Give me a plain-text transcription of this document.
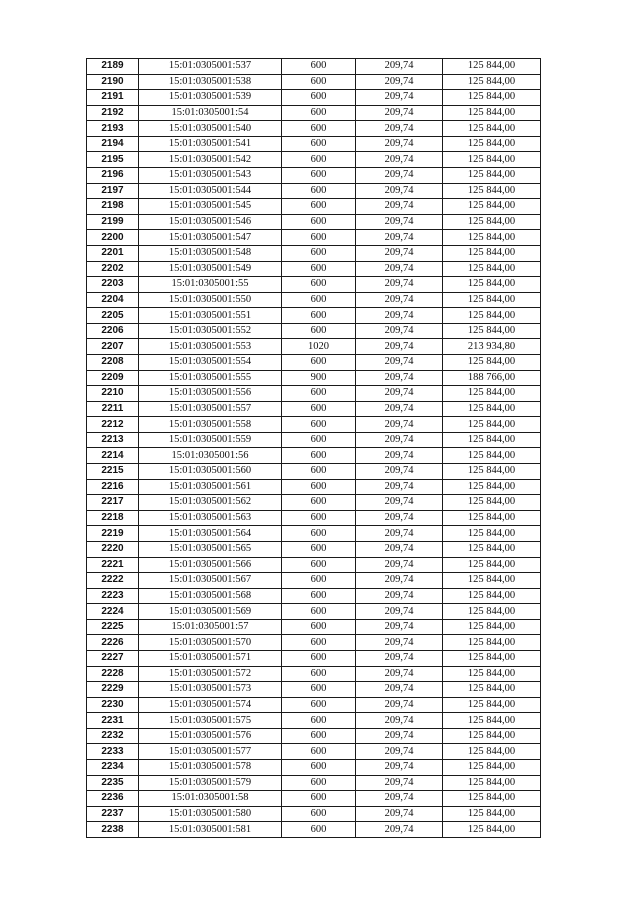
2189	15:01:0305001:537	600	209,74	125 844,00
2190	15:01:0305001:538	600	209,74	125 844,00
2191	15:01:0305001:539	600	209,74	125 844,00
2192	15:01:0305001:54	600	209,74	125 844,00
2193	15:01:0305001:540	600	209,74	125 844,00
2194	15:01:0305001:541	600	209,74	125 844,00
2195	15:01:0305001:542	600	209,74	125 844,00
2196	15:01:0305001:543	600	209,74	125 844,00
2197	15:01:0305001:544	600	209,74	125 844,00
2198	15:01:0305001:545	600	209,74	125 844,00
2199	15:01:0305001:546	600	209,74	125 844,00
2200	15:01:0305001:547	600	209,74	125 844,00
2201	15:01:0305001:548	600	209,74	125 844,00
2202	15:01:0305001:549	600	209,74	125 844,00
2203	15:01:0305001:55	600	209,74	125 844,00
2204	15:01:0305001:550	600	209,74	125 844,00
2205	15:01:0305001:551	600	209,74	125 844,00
2206	15:01:0305001:552	600	209,74	125 844,00
2207	15:01:0305001:553	1020	209,74	213 934,80
2208	15:01:0305001:554	600	209,74	125 844,00
2209	15:01:0305001:555	900	209,74	188 766,00
2210	15:01:0305001:556	600	209,74	125 844,00
2211	15:01:0305001:557	600	209,74	125 844,00
2212	15:01:0305001:558	600	209,74	125 844,00
2213	15:01:0305001:559	600	209,74	125 844,00
2214	15:01:0305001:56	600	209,74	125 844,00
2215	15:01:0305001:560	600	209,74	125 844,00
2216	15:01:0305001:561	600	209,74	125 844,00
2217	15:01:0305001:562	600	209,74	125 844,00
2218	15:01:0305001:563	600	209,74	125 844,00
2219	15:01:0305001:564	600	209,74	125 844,00
2220	15:01:0305001:565	600	209,74	125 844,00
2221	15:01:0305001:566	600	209,74	125 844,00
2222	15:01:0305001:567	600	209,74	125 844,00
2223	15:01:0305001:568	600	209,74	125 844,00
2224	15:01:0305001:569	600	209,74	125 844,00
2225	15:01:0305001:57	600	209,74	125 844,00
2226	15:01:0305001:570	600	209,74	125 844,00
2227	15:01:0305001:571	600	209,74	125 844,00
2228	15:01:0305001:572	600	209,74	125 844,00
2229	15:01:0305001:573	600	209,74	125 844,00
2230	15:01:0305001:574	600	209,74	125 844,00
2231	15:01:0305001:575	600	209,74	125 844,00
2232	15:01:0305001:576	600	209,74	125 844,00
2233	15:01:0305001:577	600	209,74	125 844,00
2234	15:01:0305001:578	600	209,74	125 844,00
2235	15:01:0305001:579	600	209,74	125 844,00
2236	15:01:0305001:58	600	209,74	125 844,00
2237	15:01:0305001:580	600	209,74	125 844,00
2238	15:01:0305001:581	600	209,74	125 844,00
